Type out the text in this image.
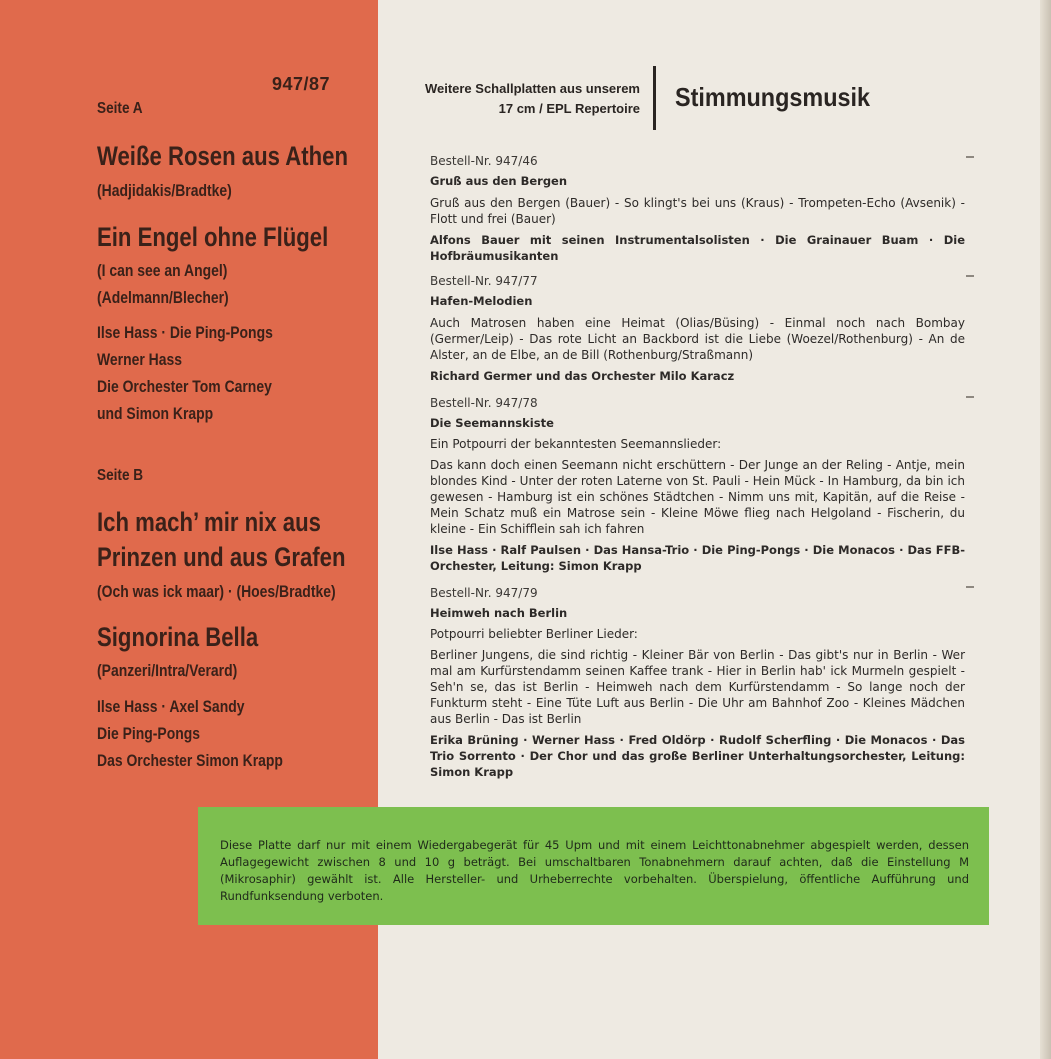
947/87
Seite A
Weiße Rosen aus Athen
(Hadjidakis/Bradtke)
Ein Engel ohne Flügel
(I can see an Angel)
(Adelmann/Blecher)
Ilse Hass · Die Ping-Pongs
Werner Hass
Die Orchester Tom Carney
und Simon Krapp
Seite B
Ich mach’ mir nix aus
Prinzen und aus Grafen
(Och was ick maar) · (Hoes/Bradtke)
Signorina Bella
(Panzeri/Intra/Verard)
Ilse Hass · Axel Sandy
Die Ping-Pongs
Das Orchester Simon Krapp
Weitere Schallplatten aus unserem
17 cm / EPL Repertoire Stimmungsmusik

Bestell-Nr. 947/46

Gruß aus den Bergen

Gruß aus den Bergen (Bauer) - So klingt's bei uns (Kraus) - Trompeten-Echo (Avsenik) - Flott und frei (Bauer)

Alfons Bauer mit seinen Instrumentalsolisten · Die Grainauer Buam · Die Hofbräumusikanten

Bestell-Nr. 947/77

Hafen-Melodien

Auch Matrosen haben eine Heimat (Olias/Büsing) - Einmal noch nach Bombay (Germer/Leip) - Das rote Licht an Backbord ist die Liebe (Woezel/Rothenburg) - An de Alster, an de Elbe, an de Bill (Rothenburg/Straßmann)

Richard Germer und das Orchester Milo Karacz

Bestell-Nr. 947/78

Die Seemannskiste

Ein Potpourri der bekanntesten Seemannslieder:

Das kann doch einen Seemann nicht erschüttern - Der Junge an der Reling - Antje, mein blondes Kind - Unter der roten Laterne von St. Pauli - Hein Mück - In Hamburg, da bin ich gewesen - Hamburg ist ein schönes Städtchen - Nimm uns mit, Kapitän, auf die Reise - Mein Schatz muß ein Matrose sein - Kleine Möwe flieg nach Helgoland - Fischerin, du kleine - Ein Schifflein sah ich fahren

Ilse Hass · Ralf Paulsen · Das Hansa-Trio · Die Ping-Pongs · Die Monacos · Das FFB-Orchester, Leitung: Simon Krapp

Bestell-Nr. 947/79

Heimweh nach Berlin

Potpourri beliebter Berliner Lieder:

Berliner Jungens, die sind richtig - Kleiner Bär von Berlin - Das gibt's nur in Berlin - Wer mal am Kurfürstendamm seinen Kaffee trank - Hier in Berlin hab' ick Murmeln gespielt - Seh'n se, das ist Berlin - Heimweh nach dem Kurfürstendamm - So lange noch der Funkturm steht - Eine Tüte Luft aus Berlin - Die Uhr am Bahnhof Zoo - Kleines Mädchen aus Berlin - Das ist Berlin

Erika Brüning · Werner Hass · Fred Oldörp · Rudolf Scherfling · Die Monacos · Das Trio Sorrento · Der Chor und das große Berliner Unterhaltungsorchester, Leitung: Simon Krapp

Diese Platte darf nur mit einem Wiedergabegerät für 45 Upm und mit einem Leichttonabnehmer abgespielt werden, dessen Auflagegewicht zwischen 8 und 10 g beträgt. Bei umschaltbaren Tonabnehmern darauf achten, daß die Einstellung M (Mikrosaphir) gewählt ist. Alle Hersteller- und Urheberrechte vorbehalten. Überspielung, öffentliche Aufführung und Rundfunksendung verboten.
